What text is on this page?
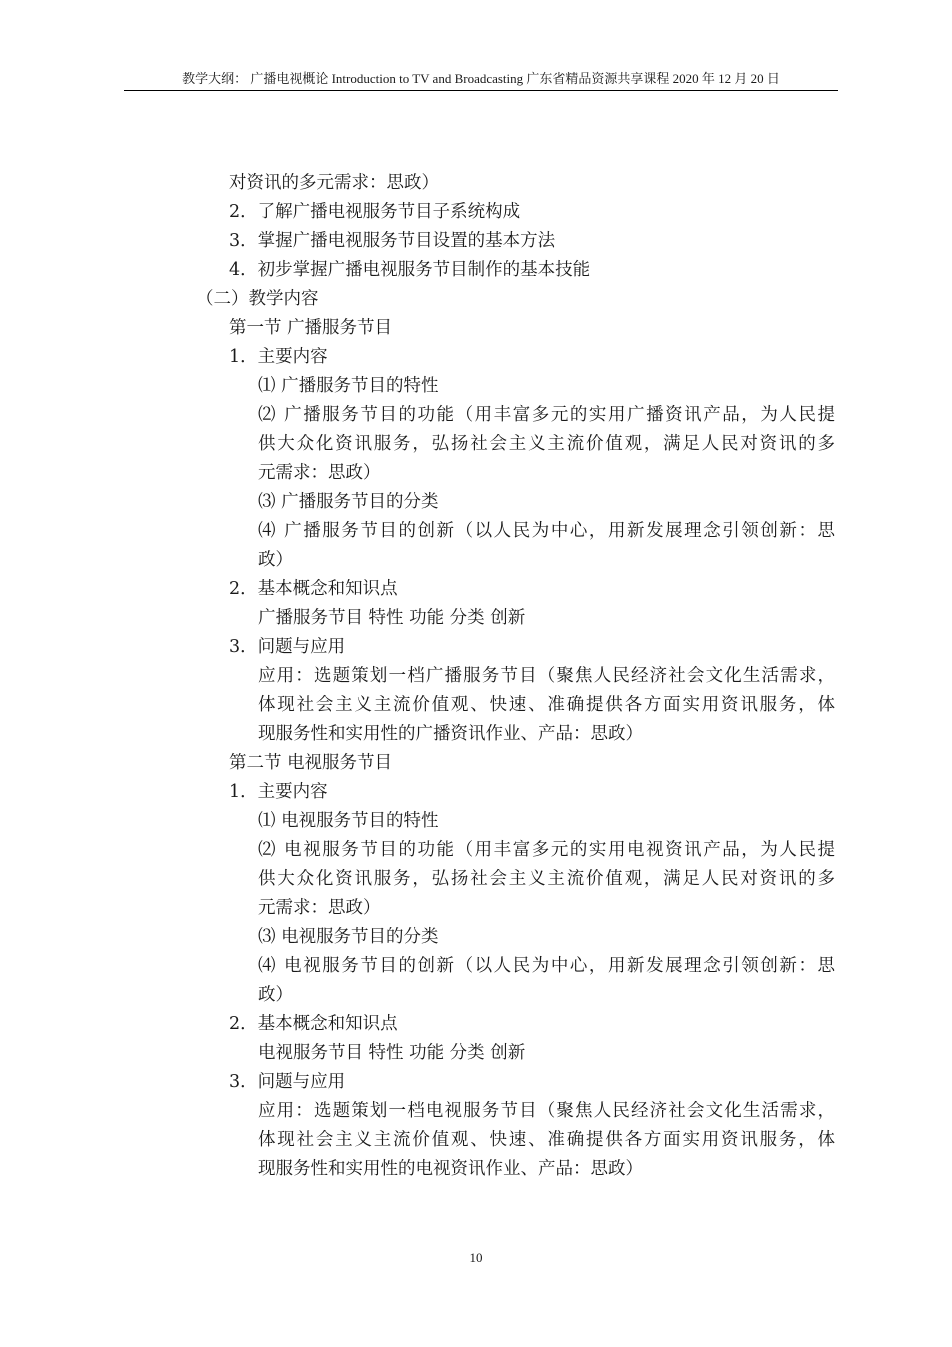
教学大纲： 广播电视概论 Introduction to TV and Broadcasting 广东省精品资源共享课程 2020 年 12 月 20 日
对资讯的多元需求：思政）
2．了解广播电视服务节目子系统构成
3．掌握广播电视服务节目设置的基本方法
4．初步掌握广播电视服务节目制作的基本技能
（二）教学内容
第一节 广播服务节目
1．主要内容
⑴ 广播服务节目的特性
⑵ 广播服务节目的功能（用丰富多元的实用广播资讯产品，为人民提
供大众化资讯服务，弘扬社会主义主流价值观，满足人民对资讯的多
元需求：思政）
⑶ 广播服务节目的分类
⑷ 广播服务节目的创新（以人民为中心，用新发展理念引领创新：思
政）
2．基本概念和知识点
广播服务节目 特性 功能 分类 创新
3．问题与应用
应用：选题策划一档广播服务节目（聚焦人民经济社会文化生活需求，
体现社会主义主流价值观、快速、准确提供各方面实用资讯服务，体
现服务性和实用性的广播资讯作业、产品：思政）
第二节 电视服务节目
1．主要内容
⑴ 电视服务节目的特性
⑵ 电视服务节目的功能（用丰富多元的实用电视资讯产品，为人民提
供大众化资讯服务，弘扬社会主义主流价值观，满足人民对资讯的多
元需求：思政）
⑶ 电视服务节目的分类
⑷ 电视服务节目的创新（以人民为中心，用新发展理念引领创新：思
政）
2．基本概念和知识点
电视服务节目 特性 功能 分类 创新
3．问题与应用
应用：选题策划一档电视服务节目（聚焦人民经济社会文化生活需求，
体现社会主义主流价值观、快速、准确提供各方面实用资讯服务，体
现服务性和实用性的电视资讯作业、产品：思政）
10
